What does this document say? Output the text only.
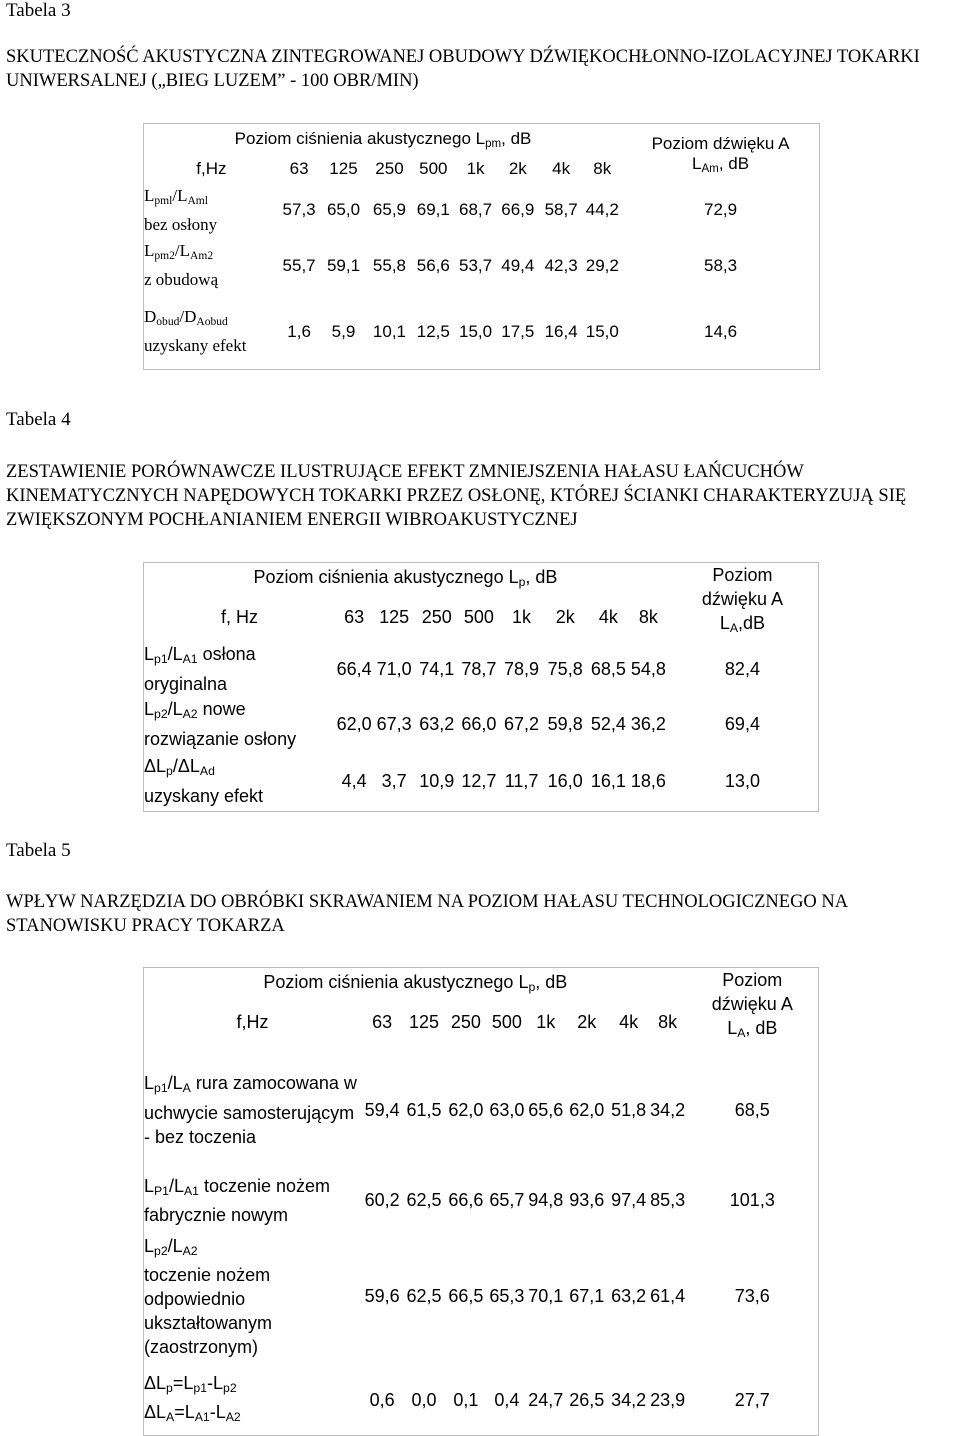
Tabela 3
SKUTECZNOŚĆ AKUSTYCZNA ZINTEGROWANEJ OBUDOWY DŹWIĘKOCHŁONNO-IZOLACYJNEJ TOKARKI UNIWERSALNEJ („BIEG LUZEM” - 100 OBR/MIN)
Poziom ciśnienia akustycznego $L_{pm}$, dB									Poziom dźwięku A
$L_{Am}$, dB

f,Hz	63	125	250	500	1k	2k	4k	8k	
$L_{pml}/L_{Aml}$
bez osłony	57,3	65,0	65,9	69,1	68,7	66,9	58,7	44,2	72,9
$L_{pm2}/L_{Am2}$
z obudową	55,7	59,1	55,8	56,6	53,7	49,4	42,3	29,2	58,3
$D_{obud}/D_{Aobud}$
uzyskany efekt	1,6	5,9	10,1	12,5	15,0	17,5	16,4	15,0	14,6
Tabela 4
ZESTAWIENIE PORÓWNAWCZE ILUSTRUJĄCE EFEKT ZMNIEJSZENIA HAŁASU ŁAŃCUCHÓW KINEMATYCZNYCH NAPĘDOWYCH TOKARKI PRZEZ OSŁONĘ, KTÓREJ ŚCIANKI CHARAKTERYZUJĄ SIĘ ZWIĘKSZONYM POCHŁANIANIEM ENERGII WIBROAKUSTYCZNEJ
Poziom ciśnienia akustycznego $L_p$, dB									Poziom
dźwięku A
$L_A,dB$

f, Hz	63	125	250	500	1k	2k	4k	8k	
$L_{p1}/L_{A1}$ osłona oryginalna	66,4	71,0	74,1	78,7	78,9	75,8	68,5	54,8	82,4
$L_{p2}/L_{A2}$ nowe rozwiązanie osłony	62,0	67,3	63,2	66,0	67,2	59,8	52,4	36,2	69,4
$\Delta L_p/\Delta L_{Ad}$
uzyskany efekt	4,4	3,7	10,9	12,7	11,7	16,0	16,1	18,6	13,0
Tabela 5
WPŁYW NARZĘDZIA DO OBRÓBKI SKRAWANIEM NA POZIOM HAŁASU TECHNOLOGICZNEGO NA STANOWISKU PRACY TOKARZA
Poziom ciśnienia akustycznego $L_p$, dB									Poziom
dźwięku A
$L_A$, dB

f,Hz	63	125	250	500	1k	2k	4k	8k	
$L_{p1}/L_A$ rura zamocowana w uchwycie samosterującym - bez toczenia	59,4	61,5	62,0	63,0	65,6	62,0	51,8	34,2	68,5
$L_{P1}/L_{A1}$ toczenie nożem fabrycznie nowym	60,2	62,5	66,6	65,7	94,8	93,6	97,4	85,3	101,3
$L_{p2}/L_{A2}$
toczenie nożem odpowiednio ukształtowanym (zaostrzonym)	59,6	62,5	66,5	65,3	70,1	67,1	63,2	61,4	73,6
$\Delta L_p=L_{p1}-L_{p2}$
$\Delta L_A=L_{A1}-L_{A2}$	0,6	0,0	0,1	0,4	24,7	26,5	34,2	23,9	27,7
